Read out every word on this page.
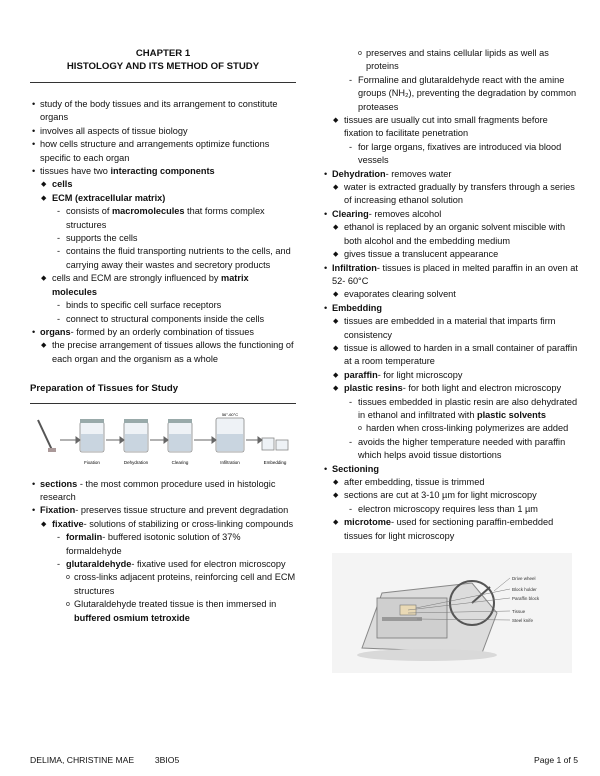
CHAPTER 1
HISTOLOGY AND ITS METHOD OF STUDY
• study of the body tissues and its arrangement to constitute organs
• involves all aspects of tissue biology
• how cells structure and arrangements optimize functions specific to each organ
• tissues have two interacting components
◆ cells
◆ ECM (extracellular matrix)
- consists of macromolecules that forms complex structures
- supports the cells
- contains the fluid transporting nutrients to the cells, and carrying away their wastes and secretory products
◆ cells and ECM are strongly influenced by matrix molecules
- binds to specific cell surface receptors
- connect to structural components inside the cells
• organs- formed by an orderly combination of tissues
◆ the precise arrangement of tissues allows the functioning of each organ and the organism as a whole
Preparation of Tissues for Study
Fixation	Dehydration	Clearing	Infiltration	Embedding
56°-60°C
• sections - the most common procedure used in histologic research
• Fixation- preserves tissue structure and prevent degradation
◆ fixative- solutions of stabilizing or cross-linking compounds
- formalin- buffered isotonic solution of 37% formaldehyde
- glutaraldehyde- fixative used for electron microscopy
o cross-links adjacent proteins, reinforcing cell and ECM structures
o Glutaraldehyde treated tissue is then immersed in buffered osmium tetroxide
o preserves and stains cellular lipids as well as proteins
- Formaline and glutaraldehyde react with the amine groups (NH₂), preventing the degradation by common proteases
◆ tissues are usually cut into small fragments before fixation to facilitate penetration
- for large organs, fixatives are introduced via blood vessels
• Dehydration- removes water
◆ water is extracted gradually by transfers through a series of increasing ethanol solution
• Clearing- removes alcohol
◆ ethanol is replaced by an organic solvent miscible with both alcohol and the embedding medium
◆ gives tissue a translucent appearance
• Infiltration- tissues is placed in melted paraffin in an oven at 52- 60°C
◆ evaporates clearing solvent
• Embedding
◆ tissues are embedded in a material that imparts firm consistency
◆ tissue is allowed to harden in a small container of paraffin at a room temperature
◆ paraffin- for light microscopy
◆ plastic resins- for both light and electron microscopy
- tissues embedded in plastic resin are also dehydrated in ethanol and infiltrated with plastic solvents
o harden when cross-linking polymerizes are added
- avoids the higher temperature needed with paraffin which helps avoid tissue distortions
• Sectioning
◆ after embedding, tissue is trimmed
◆ sections are cut at 3-10 µm for light microscopy
- electron microscopy requires less than 1 µm
◆ microtome- used for sectioning paraffin-embedded tissues for light microscopy
Drive wheel
Block holder
Paraffin block
Tissue
Steel knife
DELIMA, CHRISTINE MAE 3BIO5	Page 1 of 5
